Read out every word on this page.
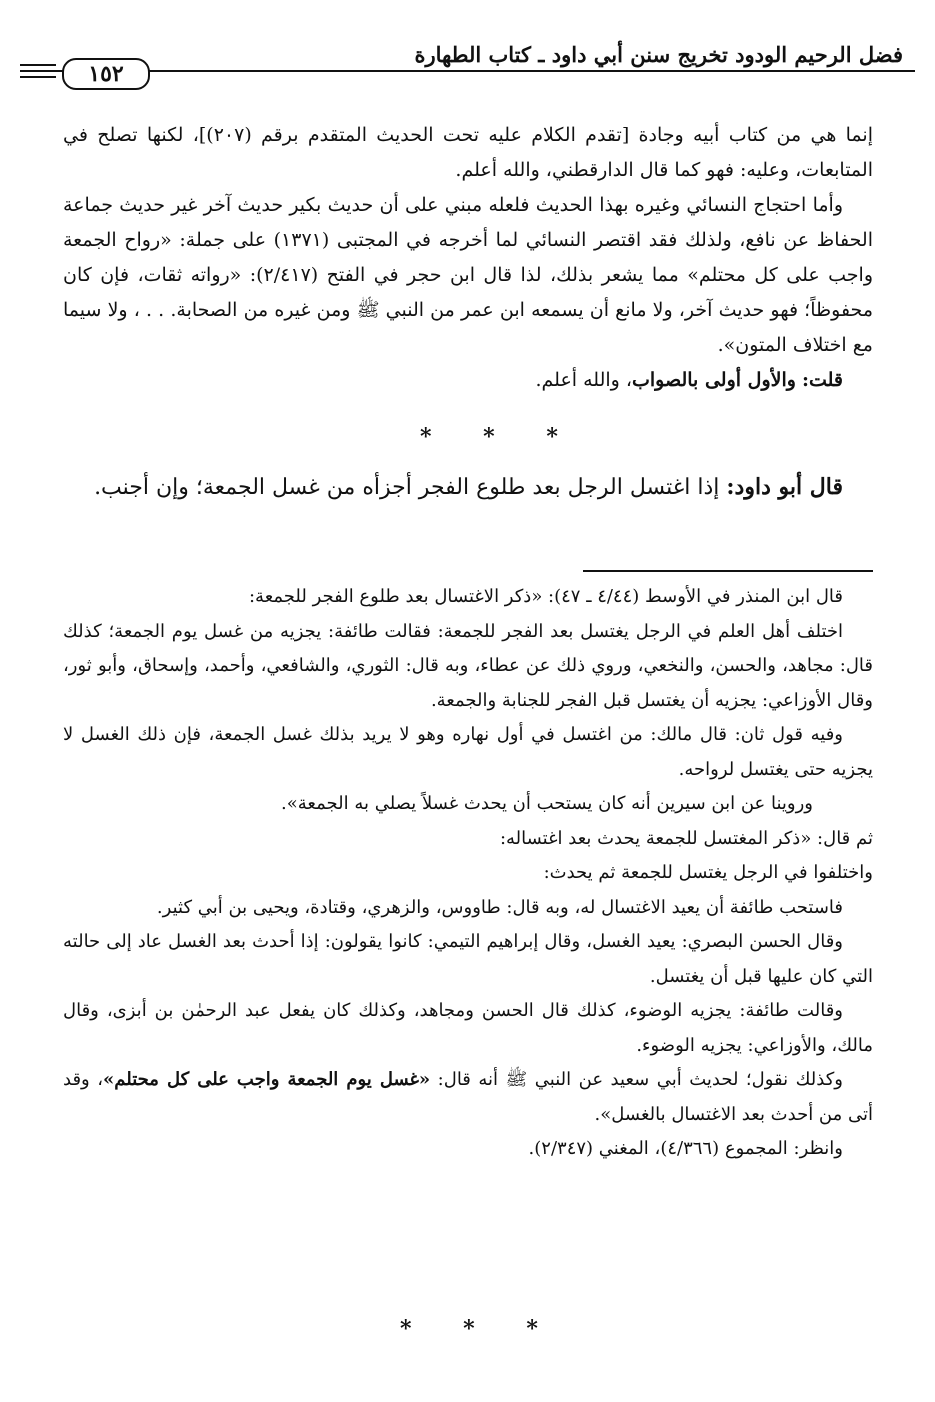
فضل الرحيم الودود تخريج سنن أبي داود ـ كتاب الطهارة
١٥٢

إنما هي من كتاب أبيه وجادة [تقدم الكلام عليه تحت الحديث المتقدم برقم (٢٠٧)]، لكنها تصلح في المتابعات، وعليه: فهو كما قال الدارقطني، والله أعلم.

وأما احتجاج النسائي وغيره بهذا الحديث فلعله مبني على أن حديث بكير حديث آخر غير حديث جماعة الحفاظ عن نافع، ولذلك فقد اقتصر النسائي لما أخرجه في المجتبى (١٣٧١) على جملة: «رواح الجمعة واجب على كل محتلم» مما يشعر بذلك، لذا قال ابن حجر في الفتح (٢/٤١٧): «رواته ثقات، فإن كان محفوظاً؛ فهو حديث آخر، ولا مانع أن يسمعه ابن عمر من النبي ﷺ ومن غيره من الصحابة. . . ، ولا سيما مع اختلاف المتون».

قلت: والأول أولى بالصواب، والله أعلم.

* * *

قال أبو داود: إذا اغتسل الرجل بعد طلوع الفجر أجزأه من غسل الجمعة؛ وإن أجنب.

قال ابن المنذر في الأوسط (٤/٤٤ ـ ٤٧): «ذكر الاغتسال بعد طلوع الفجر للجمعة:

اختلف أهل العلم في الرجل يغتسل بعد الفجر للجمعة: فقالت طائفة: يجزيه من غسل يوم الجمعة؛ كذلك قال: مجاهد، والحسن، والنخعي، وروي ذلك عن عطاء، وبه قال: الثوري، والشافعي، وأحمد، وإسحاق، وأبو ثور، وقال الأوزاعي: يجزيه أن يغتسل قبل الفجر للجنابة والجمعة.

وفيه قول ثان: قال مالك: من اغتسل في أول نهاره وهو لا يريد بذلك غسل الجمعة، فإن ذلك الغسل لا يجزيه حتى يغتسل لرواحه.

وروينا عن ابن سيرين أنه كان يستحب أن يحدث غسلاً يصلي به الجمعة».

ثم قال: «ذكر المغتسل للجمعة يحدث بعد اغتساله:

واختلفوا في الرجل يغتسل للجمعة ثم يحدث:

فاستحب طائفة أن يعيد الاغتسال له، وبه قال: طاووس، والزهري، وقتادة، ويحيى بن أبي كثير.

وقال الحسن البصري: يعيد الغسل، وقال إبراهيم التيمي: كانوا يقولون: إذا أحدث بعد الغسل عاد إلى حالته التي كان عليها قبل أن يغتسل.

وقالت طائفة: يجزيه الوضوء، كذلك قال الحسن ومجاهد، وكذلك كان يفعل عبد الرحمٰن بن أبزى، وقال مالك، والأوزاعي: يجزيه الوضوء.

وكذلك نقول؛ لحديث أبي سعيد عن النبي ﷺ أنه قال: «غسل يوم الجمعة واجب على كل محتلم»، وقد أتى من أحدث بعد الاغتسال بالغسل».

وانظر: المجموع (٤/٣٦٦)، المغني (٢/٣٤٧).

* * *
